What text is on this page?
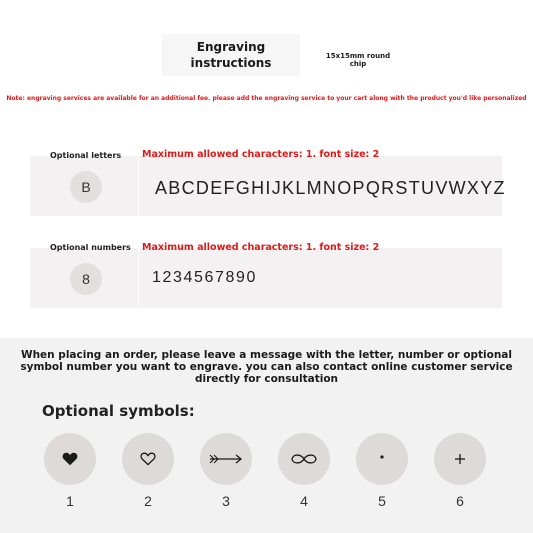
Engraving
instructions	15x15mm round
chip
Note: engraving services are available for an additional fee. please add the engraving service to your cart along with the product you'd like personalized
Optional letters Maximum allowed characters: 1. font size: 2
B	ABCDEFGHIJKLMNOPQRSTUVWXYZ
Optional numbers Maximum allowed characters: 1. font size: 2
8	1234567890
When placing an order, please leave a message with the letter, number or optional symbol number you want to engrave. you can also contact online customer service directly for consultation
Optional symbols:
1	2	3	4	5	6
